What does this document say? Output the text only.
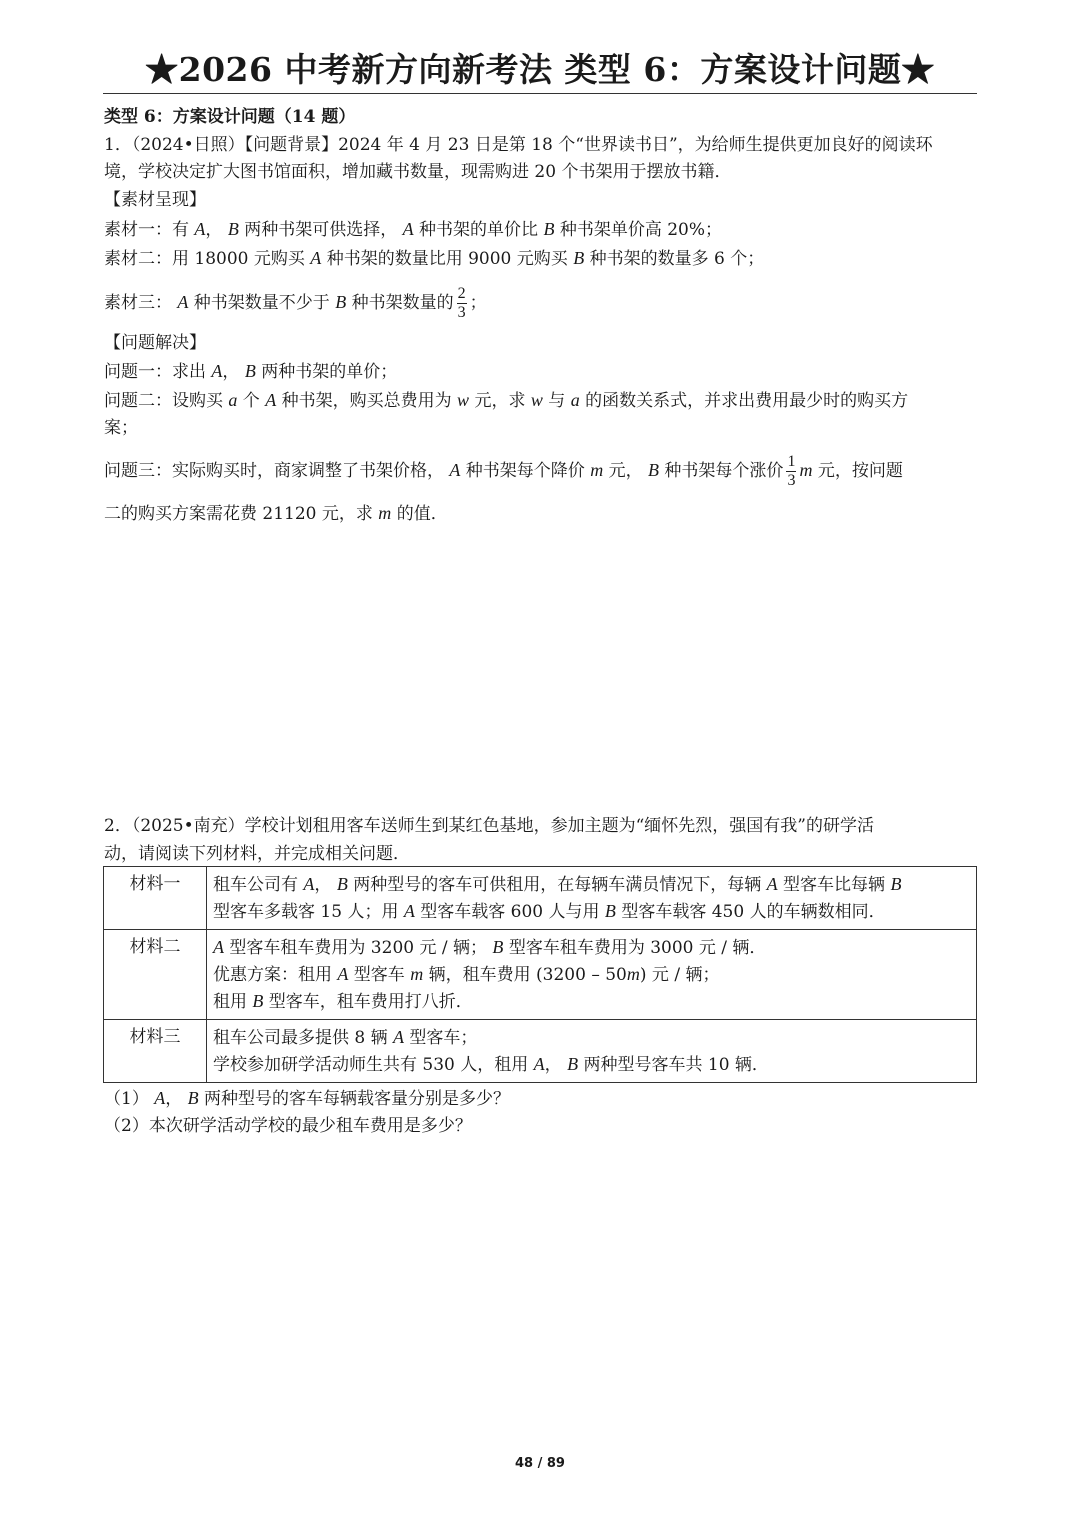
★2026 中考新方向新考法 类型 6：方案设计问题★
类型 6：方案设计问题（14 题）
1．（2024•日照）【问题背景】2024 年 4 月 23 日是第 18 个“世界读书日”，为给师生提供更加良好的阅读环
境，学校决定扩大图书馆面积，增加藏书数量，现需购进 20 个书架用于摆放书籍．
【素材呈现】
素材一：有 A， B 两种书架可供选择， A 种书架的单价比 B 种书架单价高 20%；
素材二：用 18000 元购买 A 种书架的数量比用 9000 元购买 B 种书架的数量多 6 个；
素材三： A 种书架数量不少于 B 种书架数量的 $\frac{2}{3}$ ；
【问题解决】
问题一：求出 A， B 两种书架的单价；
问题二：设购买 a 个 A 种书架，购买总费用为 w 元，求 w 与 a 的函数关系式，并求出费用最少时的购买方
案；
问题三：实际购买时，商家调整了书架价格， A 种书架每个降价 m 元， B 种书架每个涨价 $\frac{1}{3}$ m 元，按问题
二的购买方案需花费 21120 元，求 m 的值．
2．（2025•南充）学校计划租用客车送师生到某红色基地，参加主题为“缅怀先烈，强国有我”的研学活
动，请阅读下列材料，并完成相关问题．
材料一	租车公司有 A， B 两种型号的客车可供租用，在每辆车满员情况下，每辆 A 型客车比每辆 B
型客车多载客 15 人；用 A 型客车载客 600 人与用 B 型客车载客 450 人的车辆数相同．

材料二	A 型客车租车费用为 3200 元 / 辆； B 型客车租车费用为 3000 元 / 辆．
优惠方案：租用 A 型客车 m 辆，租车费用 (3200 – 50m) 元 / 辆；
租用 B 型客车，租车费用打八折．

材料三	租车公司最多提供 8 辆 A 型客车；
学校参加研学活动师生共有 530 人，租用 A， B 两种型号客车共 10 辆．
（1） A， B 两种型号的客车每辆载客量分别是多少？
（2）本次研学活动学校的最少租车费用是多少？
48 / 89
